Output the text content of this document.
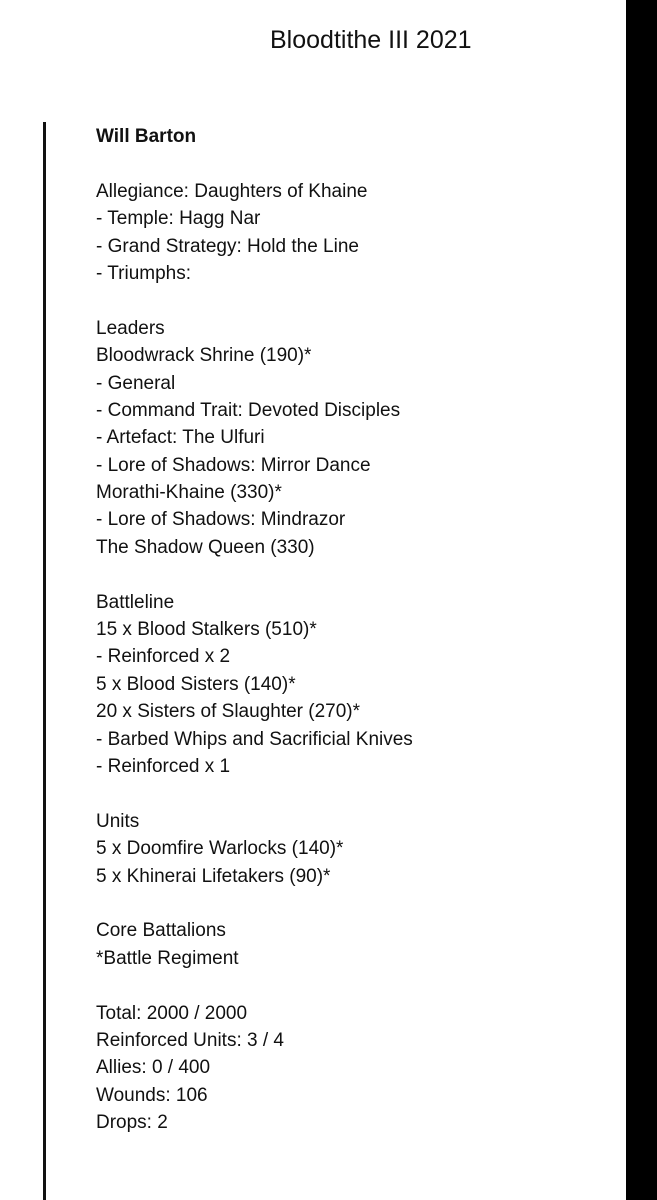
Bloodtithe III 2021
Will Barton
Allegiance: Daughters of Khaine
- Temple: Hagg Nar
- Grand Strategy: Hold the Line
- Triumphs:
Leaders
Bloodwrack Shrine (190)*
- General
- Command Trait: Devoted Disciples
- Artefact: The Ulfuri
- Lore of Shadows: Mirror Dance
Morathi-Khaine (330)*
- Lore of Shadows: Mindrazor
The Shadow Queen (330)
Battleline
15 x Blood Stalkers (510)*
- Reinforced x 2
5 x Blood Sisters (140)*
20 x Sisters of Slaughter (270)*
- Barbed Whips and Sacrificial Knives
- Reinforced x 1
Units
5 x Doomfire Warlocks (140)*
5 x Khinerai Lifetakers (90)*
Core Battalions
*Battle Regiment
Total: 2000 / 2000
Reinforced Units: 3 / 4
Allies: 0 / 400
Wounds: 106
Drops: 2
